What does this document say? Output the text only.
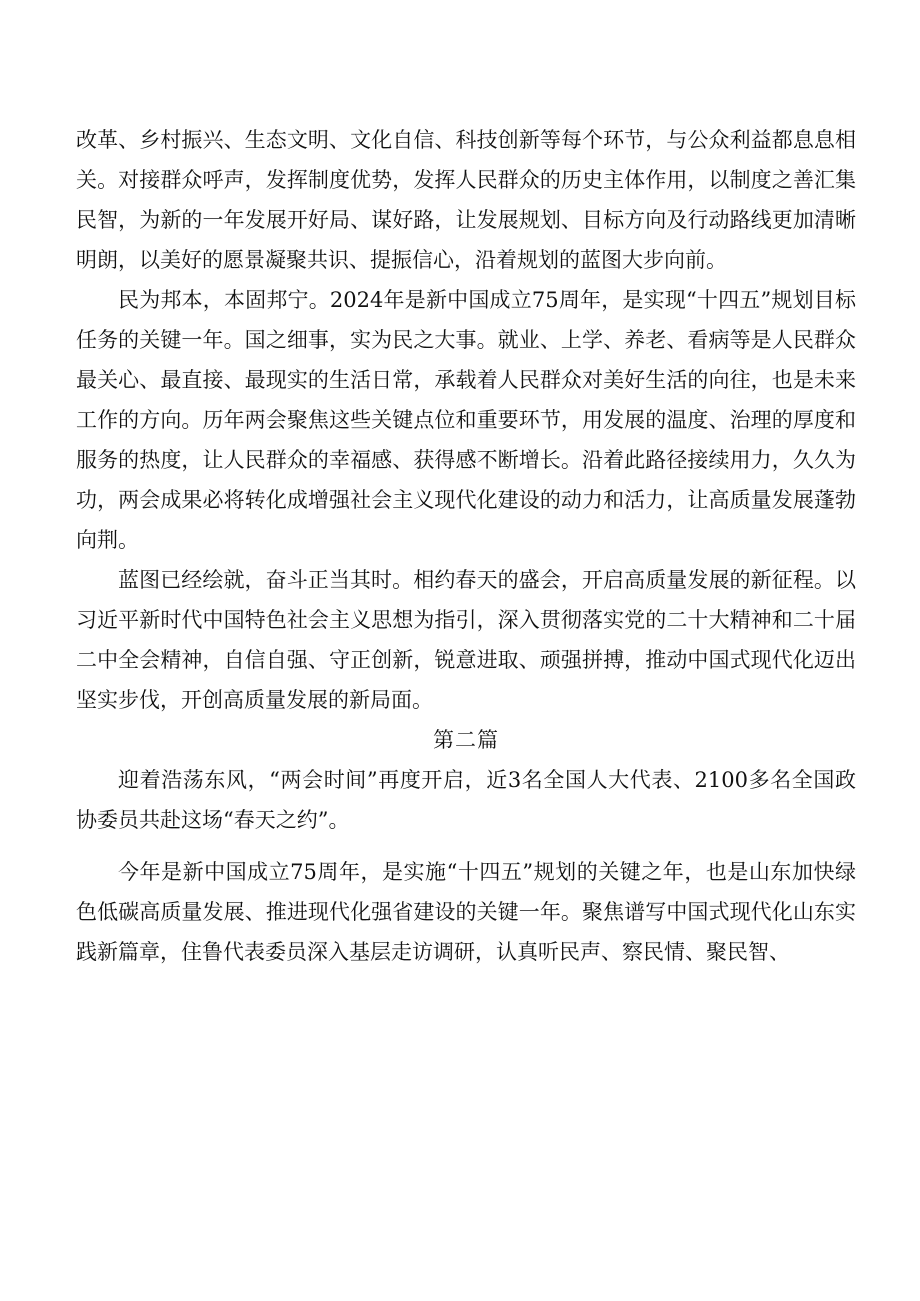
改革、乡村振兴、生态文明、文化自信、科技创新等每个环节，与公众利益都息息相关。对接群众呼声，发挥制度优势，发挥人民群众的历史主体作用，以制度之善汇集民智，为新的一年发展开好局、谋好路，让发展规划、目标方向及行动路线更加清晰明朗，以美好的愿景凝聚共识、提振信心，沿着规划的蓝图大步向前。

民为邦本，本固邦宁。2024年是新中国成立75周年，是实现“十四五”规划目标任务的关键一年。国之细事，实为民之大事。就业、上学、养老、看病等是人民群众最关心、最直接、最现实的生活日常，承载着人民群众对美好生活的向往，也是未来工作的方向。历年两会聚焦这些关键点位和重要环节，用发展的温度、治理的厚度和服务的热度，让人民群众的幸福感、获得感不断增长。沿着此路径接续用力，久久为功，两会成果必将转化成增强社会主义现代化建设的动力和活力，让高质量发展蓬勃向荆。

蓝图已经绘就，奋斗正当其时。相约春天的盛会，开启高质量发展的新征程。以习近平新时代中国特色社会主义思想为指引，深入贯彻落实党的二十大精神和二十届二中全会精神，自信自强、守正创新，锐意进取、顽强拼搏，推动中国式现代化迈出坚实步伐，开创高质量发展的新局面。

第二篇

迎着浩荡东风，“两会时间”再度开启，近3名全国人大代表、2100多名全国政协委员共赴这场“春天之约”。

今年是新中国成立75周年，是实施“十四五”规划的关键之年，也是山东加快绿色低碳高质量发展、推进现代化强省建设的关键一年。聚焦谱写中国式现代化山东实践新篇章，住鲁代表委员深入基层走访调研，认真听民声、察民情、聚民智、
